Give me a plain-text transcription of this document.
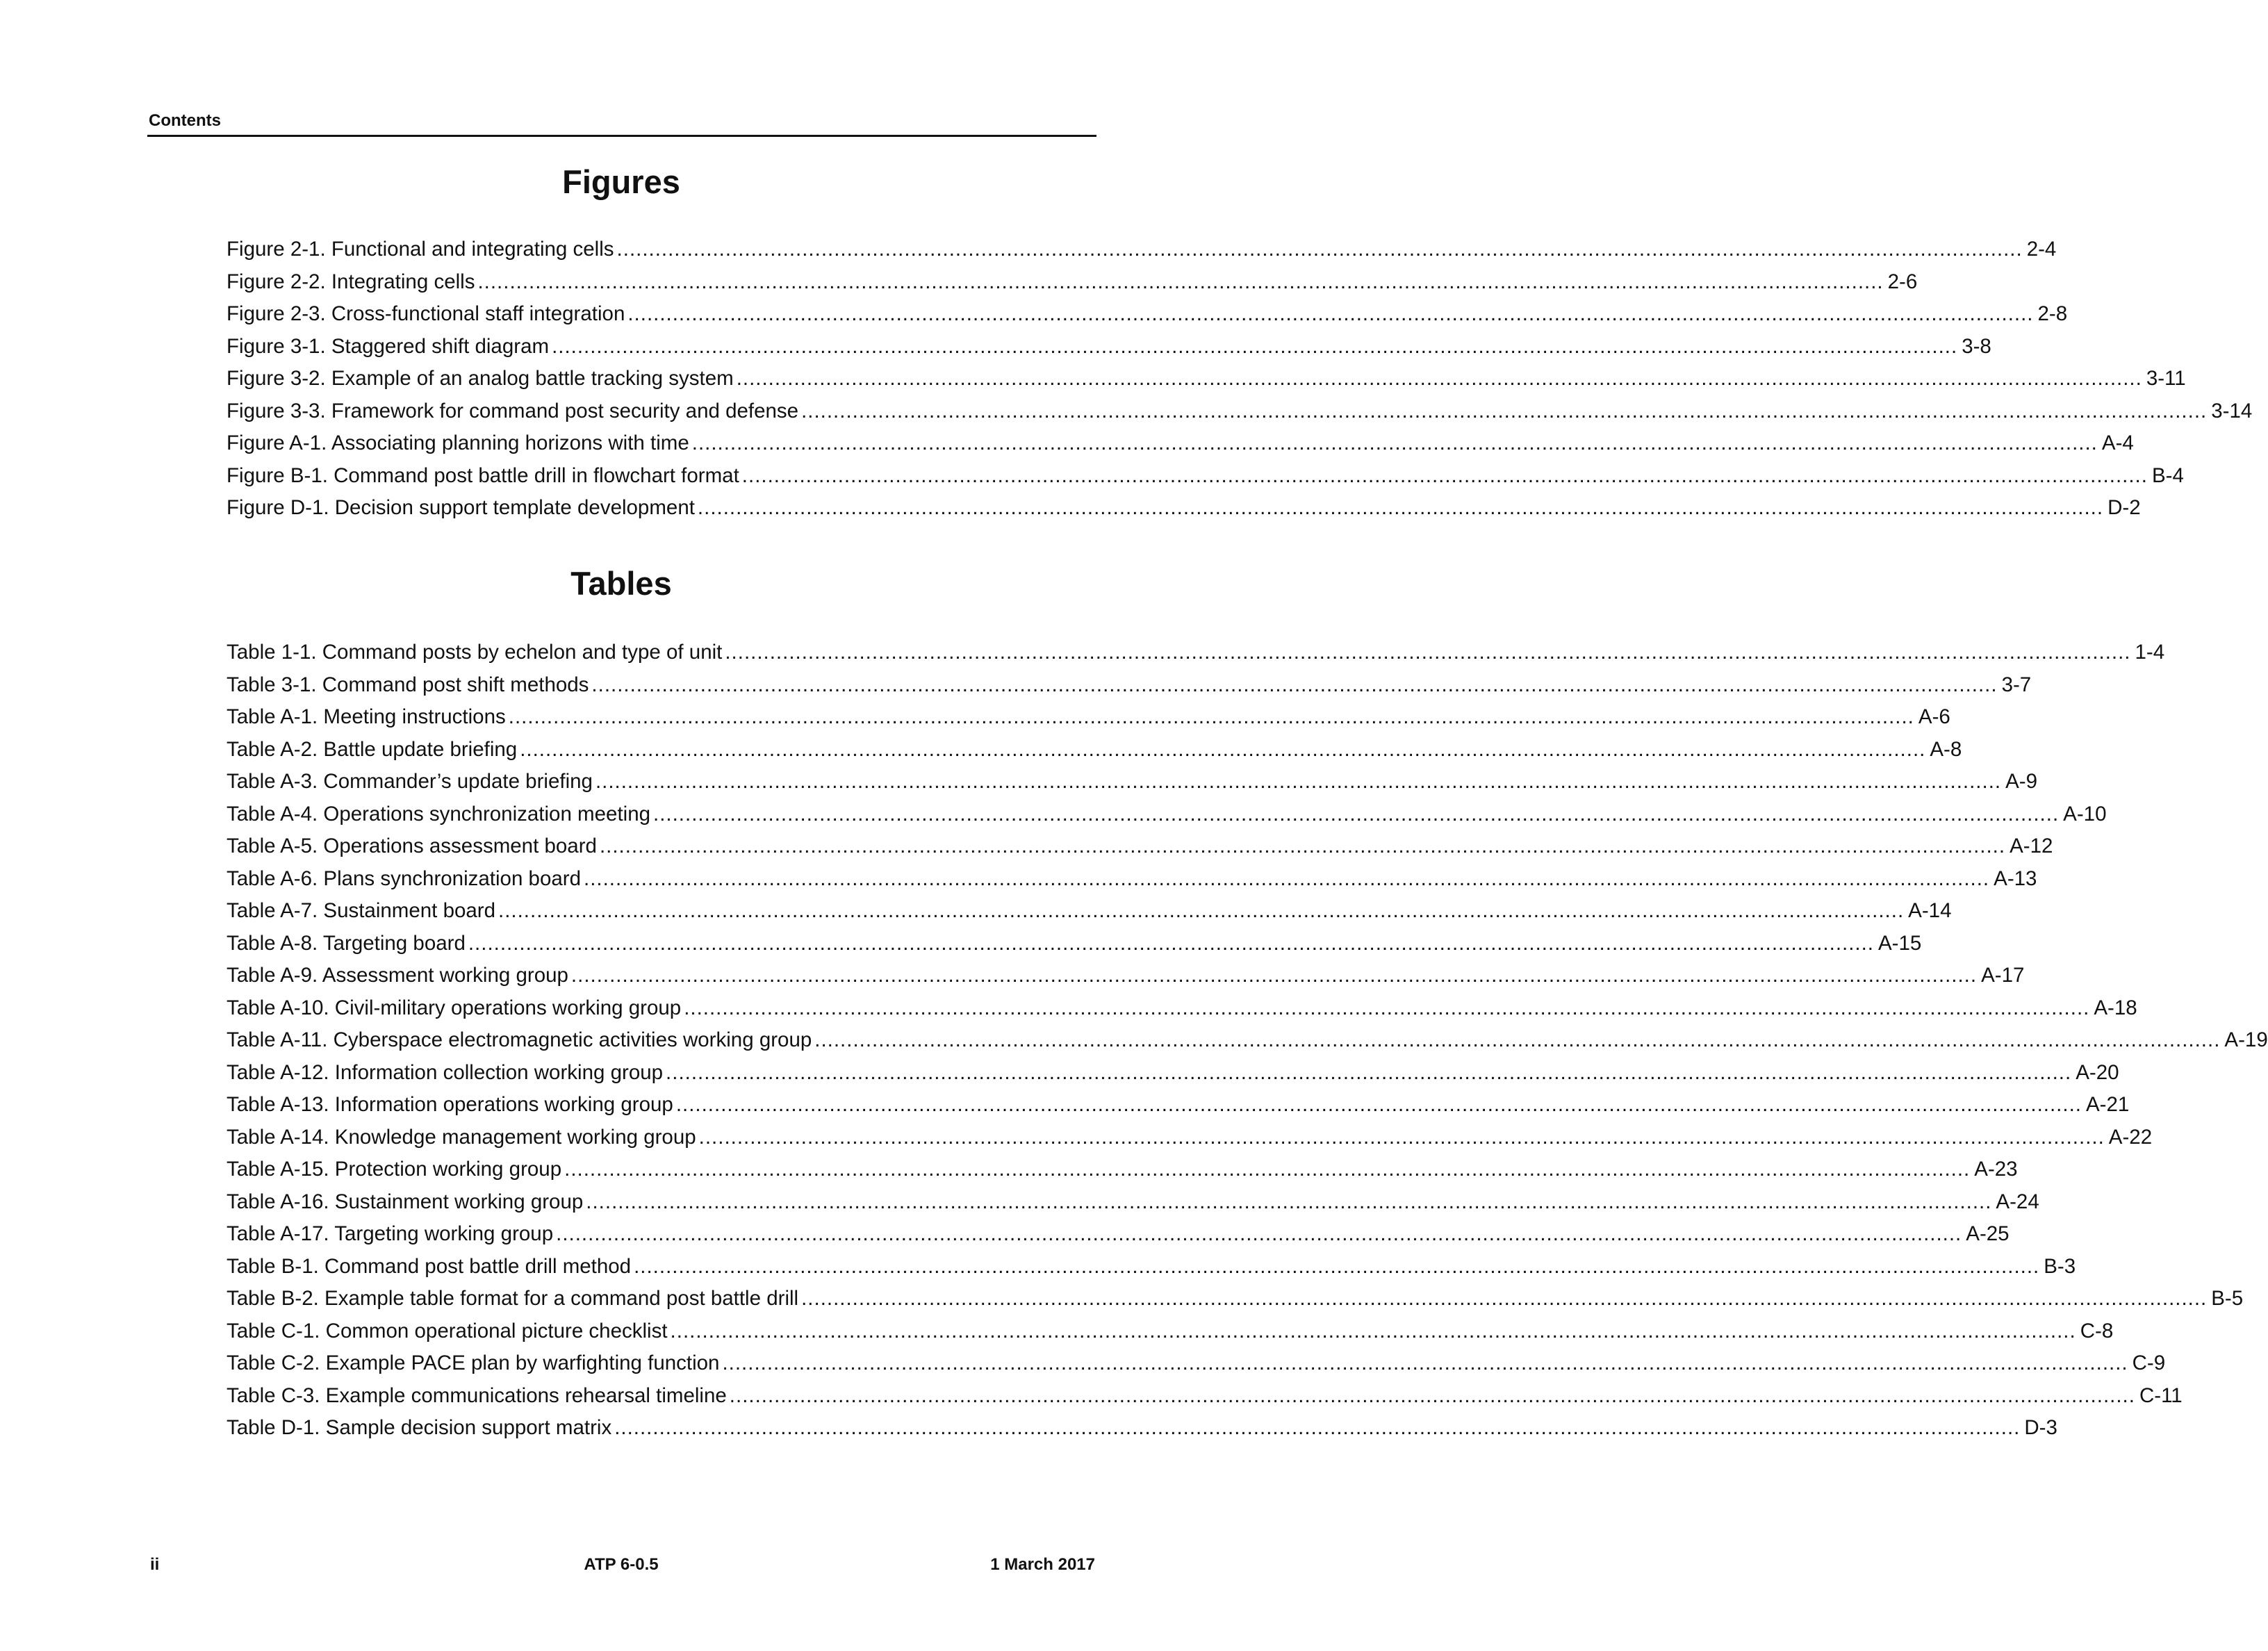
Contents
Figures
Figure 2-1. Functional and integrating cells ............................................................................................................................................................................................................................ 2-4
Figure 2-2. Integrating cells ............................................................................................................................................................................................................................ 2-6
Figure 2-3. Cross-functional staff integration ............................................................................................................................................................................................................................ 2-8
Figure 3-1. Staggered shift diagram ............................................................................................................................................................................................................................ 3-8
Figure 3-2. Example of an analog battle tracking system ............................................................................................................................................................................................................................ 3-11
Figure 3-3. Framework for command post security and defense ............................................................................................................................................................................................................................ 3-14
Figure A-1. Associating planning horizons with time ............................................................................................................................................................................................................................ A-4
Figure B-1. Command post battle drill in flowchart format ............................................................................................................................................................................................................................ B-4
Figure D-1. Decision support template development ............................................................................................................................................................................................................................ D-2
Tables
Table 1-1. Command posts by echelon and type of unit ............................................................................................................................................................................................................................ 1-4
Table 3-1. Command post shift methods ............................................................................................................................................................................................................................ 3-7
Table A-1. Meeting instructions ............................................................................................................................................................................................................................ A-6
Table A-2. Battle update briefing ............................................................................................................................................................................................................................ A-8
Table A-3. Commander’s update briefing ............................................................................................................................................................................................................................ A-9
Table A-4. Operations synchronization meeting ............................................................................................................................................................................................................................ A-10
Table A-5. Operations assessment board ............................................................................................................................................................................................................................ A-12
Table A-6. Plans synchronization board ............................................................................................................................................................................................................................ A-13
Table A-7. Sustainment board ............................................................................................................................................................................................................................ A-14
Table A-8. Targeting board ............................................................................................................................................................................................................................ A-15
Table A-9. Assessment working group ............................................................................................................................................................................................................................ A-17
Table A-10. Civil-military operations working group ............................................................................................................................................................................................................................ A-18
Table A-11. Cyberspace electromagnetic activities working group ............................................................................................................................................................................................................................ A-19
Table A-12. Information collection working group ............................................................................................................................................................................................................................ A-20
Table A-13. Information operations working group ............................................................................................................................................................................................................................ A-21
Table A-14. Knowledge management working group ............................................................................................................................................................................................................................ A-22
Table A-15. Protection working group ............................................................................................................................................................................................................................ A-23
Table A-16. Sustainment working group ............................................................................................................................................................................................................................ A-24
Table A-17. Targeting working group ............................................................................................................................................................................................................................ A-25
Table B-1. Command post battle drill method ............................................................................................................................................................................................................................ B-3
Table B-2. Example table format for a command post battle drill ............................................................................................................................................................................................................................ B-5
Table C-1. Common operational picture checklist ............................................................................................................................................................................................................................ C-8
Table C-2. Example PACE plan by warfighting function ............................................................................................................................................................................................................................ C-9
Table C-3. Example communications rehearsal timeline ............................................................................................................................................................................................................................ C-11
Table D-1. Sample decision support matrix ............................................................................................................................................................................................................................ D-3
ii	ATP 6-0.5	1 March 2017
